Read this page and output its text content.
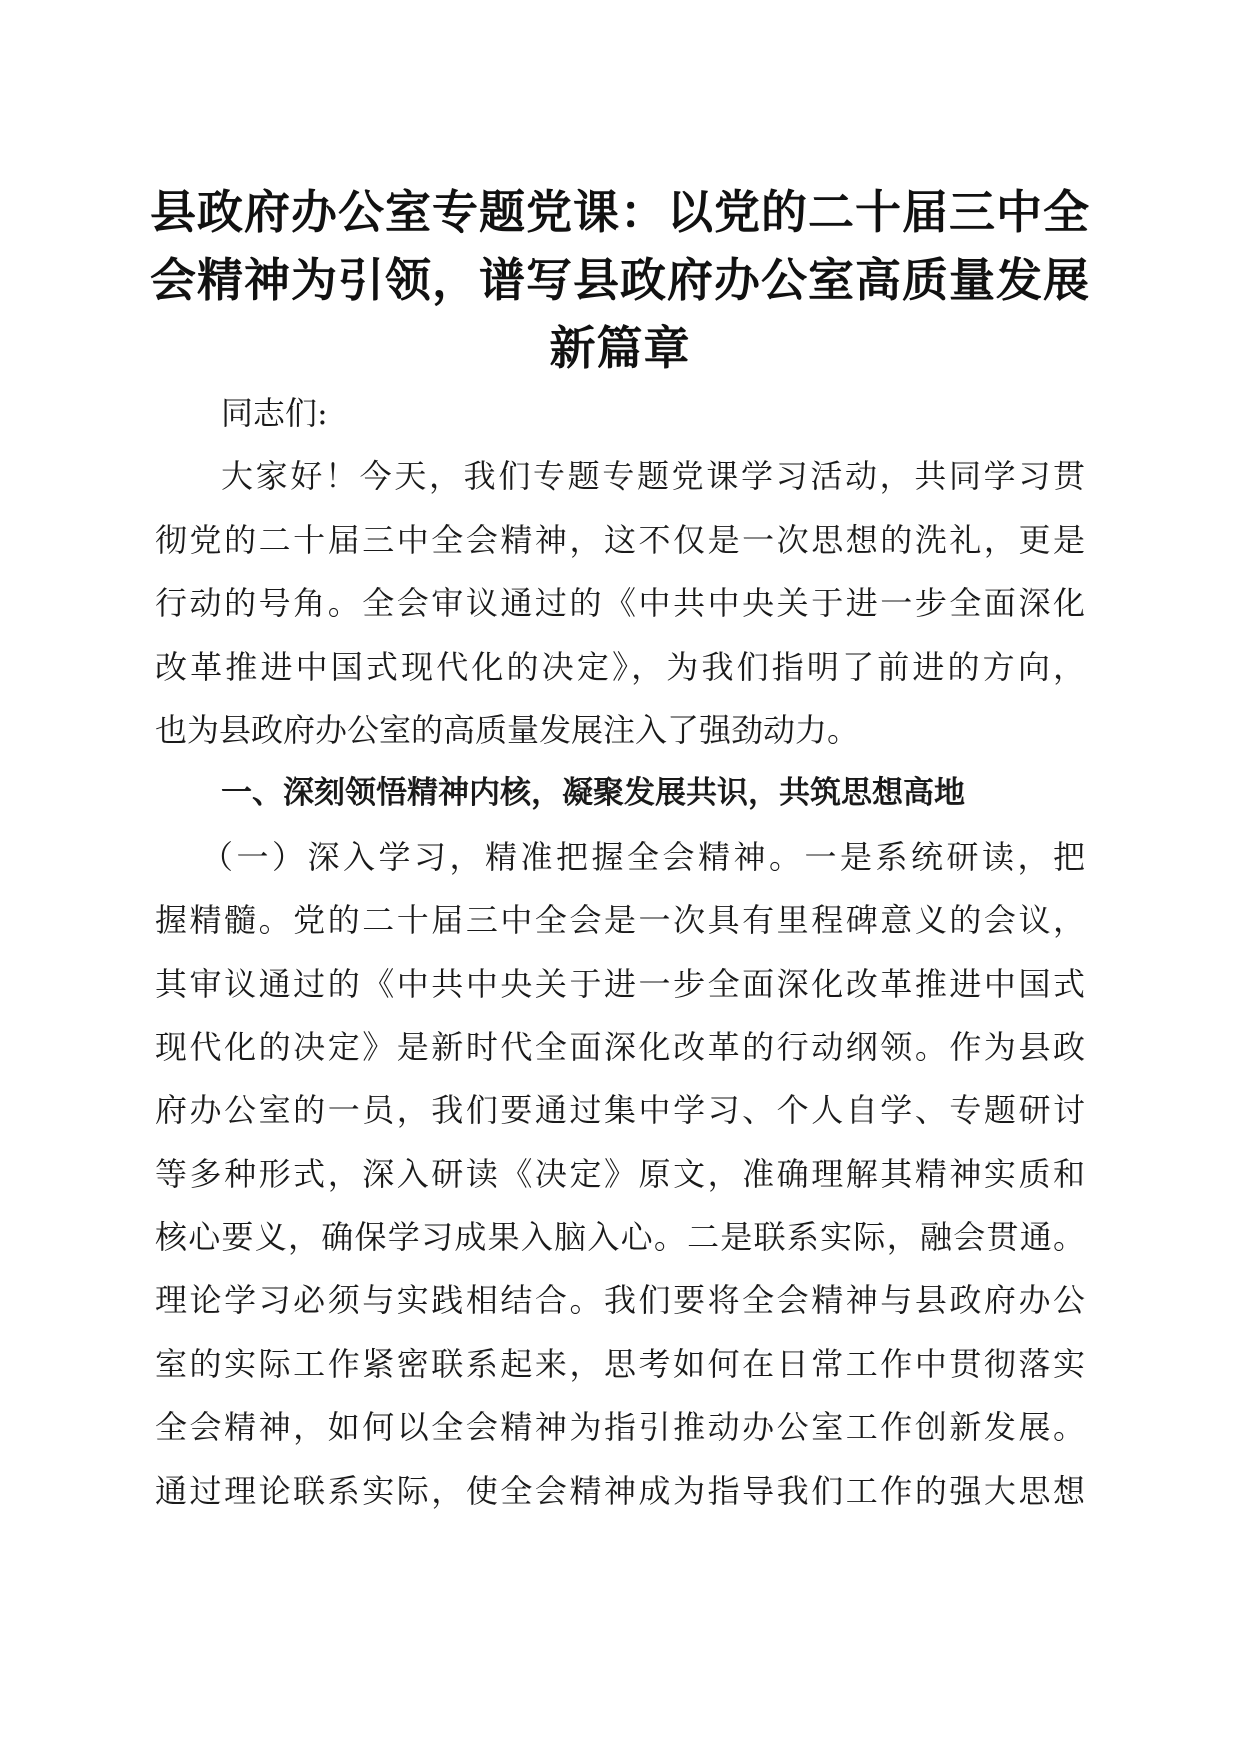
县政府办公室专题党课：以党的二十届三中全
会精神为引领，谱写县政府办公室高质量发展
新篇章
同志们:
大家好！今天，我们专题专题党课学习活动，共同学习贯
彻党的二十届三中全会精神，这不仅是一次思想的洗礼，更是
行动的号角。全会审议通过的《中共中央关于进一步全面深化
改革推进中国式现代化的决定》，为我们指明了前进的方向，
也为县政府办公室的高质量发展注入了强劲动力。
一、深刻领悟精神内核，凝聚发展共识，共筑思想高地
（一）深入学习，精准把握全会精神。一是系统研读，把
握精髓。党的二十届三中全会是一次具有里程碑意义的会议，
其审议通过的《中共中央关于进一步全面深化改革推进中国式
现代化的决定》是新时代全面深化改革的行动纲领。作为县政
府办公室的一员，我们要通过集中学习、个人自学、专题研讨
等多种形式，深入研读《决定》原文，准确理解其精神实质和
核心要义，确保学习成果入脑入心。二是联系实际，融会贯通。
理论学习必须与实践相结合。我们要将全会精神与县政府办公
室的实际工作紧密联系起来，思考如何在日常工作中贯彻落实
全会精神，如何以全会精神为指引推动办公室工作创新发展。
通过理论联系实际，使全会精神成为指导我们工作的强大思想
